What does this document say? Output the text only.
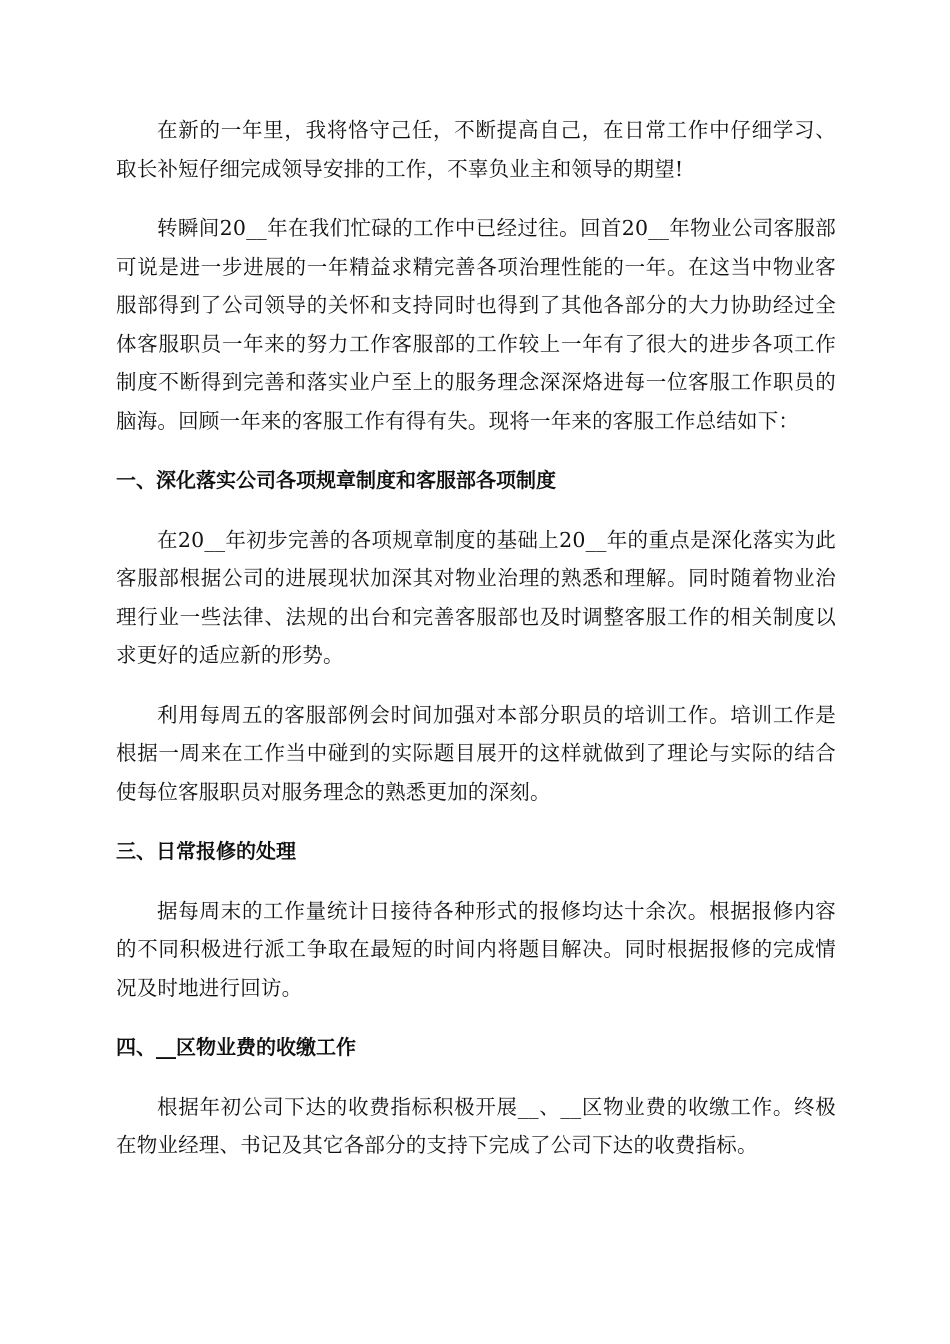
在新的一年里，我将恪守己任，不断提高自己，在日常工作中仔细学习、取长补短仔细完成领导安排的工作，不辜负业主和领导的期望!

转瞬间20__年在我们忙碌的工作中已经过往。回首20__年物业公司客服部可说是进一步进展的一年精益求精完善各项治理性能的一年。在这当中物业客服部得到了公司领导的关怀和支持同时也得到了其他各部分的大力协助经过全体客服职员一年来的努力工作客服部的工作较上一年有了很大的进步各项工作制度不断得到完善和落实业户至上的服务理念深深烙进每一位客服工作职员的脑海。回顾一年来的客服工作有得有失。现将一年来的客服工作总结如下：

一、深化落实公司各项规章制度和客服部各项制度

在20__年初步完善的各项规章制度的基础上20__年的重点是深化落实为此客服部根据公司的进展现状加深其对物业治理的熟悉和理解。同时随着物业治理行业一些法律、法规的出台和完善客服部也及时调整客服工作的相关制度以求更好的适应新的形势。

利用每周五的客服部例会时间加强对本部分职员的培训工作。培训工作是根据一周来在工作当中碰到的实际题目展开的这样就做到了理论与实际的结合使每位客服职员对服务理念的熟悉更加的深刻。

三、日常报修的处理

据每周末的工作量统计日接待各种形式的报修均达十余次。根据报修内容的不同积极进行派工争取在最短的时间内将题目解决。同时根据报修的完成情况及时地进行回访。

四、__区物业费的收缴工作

根据年初公司下达的收费指标积极开展__、__区物业费的收缴工作。终极在物业经理、书记及其它各部分的支持下完成了公司下达的收费指标。
